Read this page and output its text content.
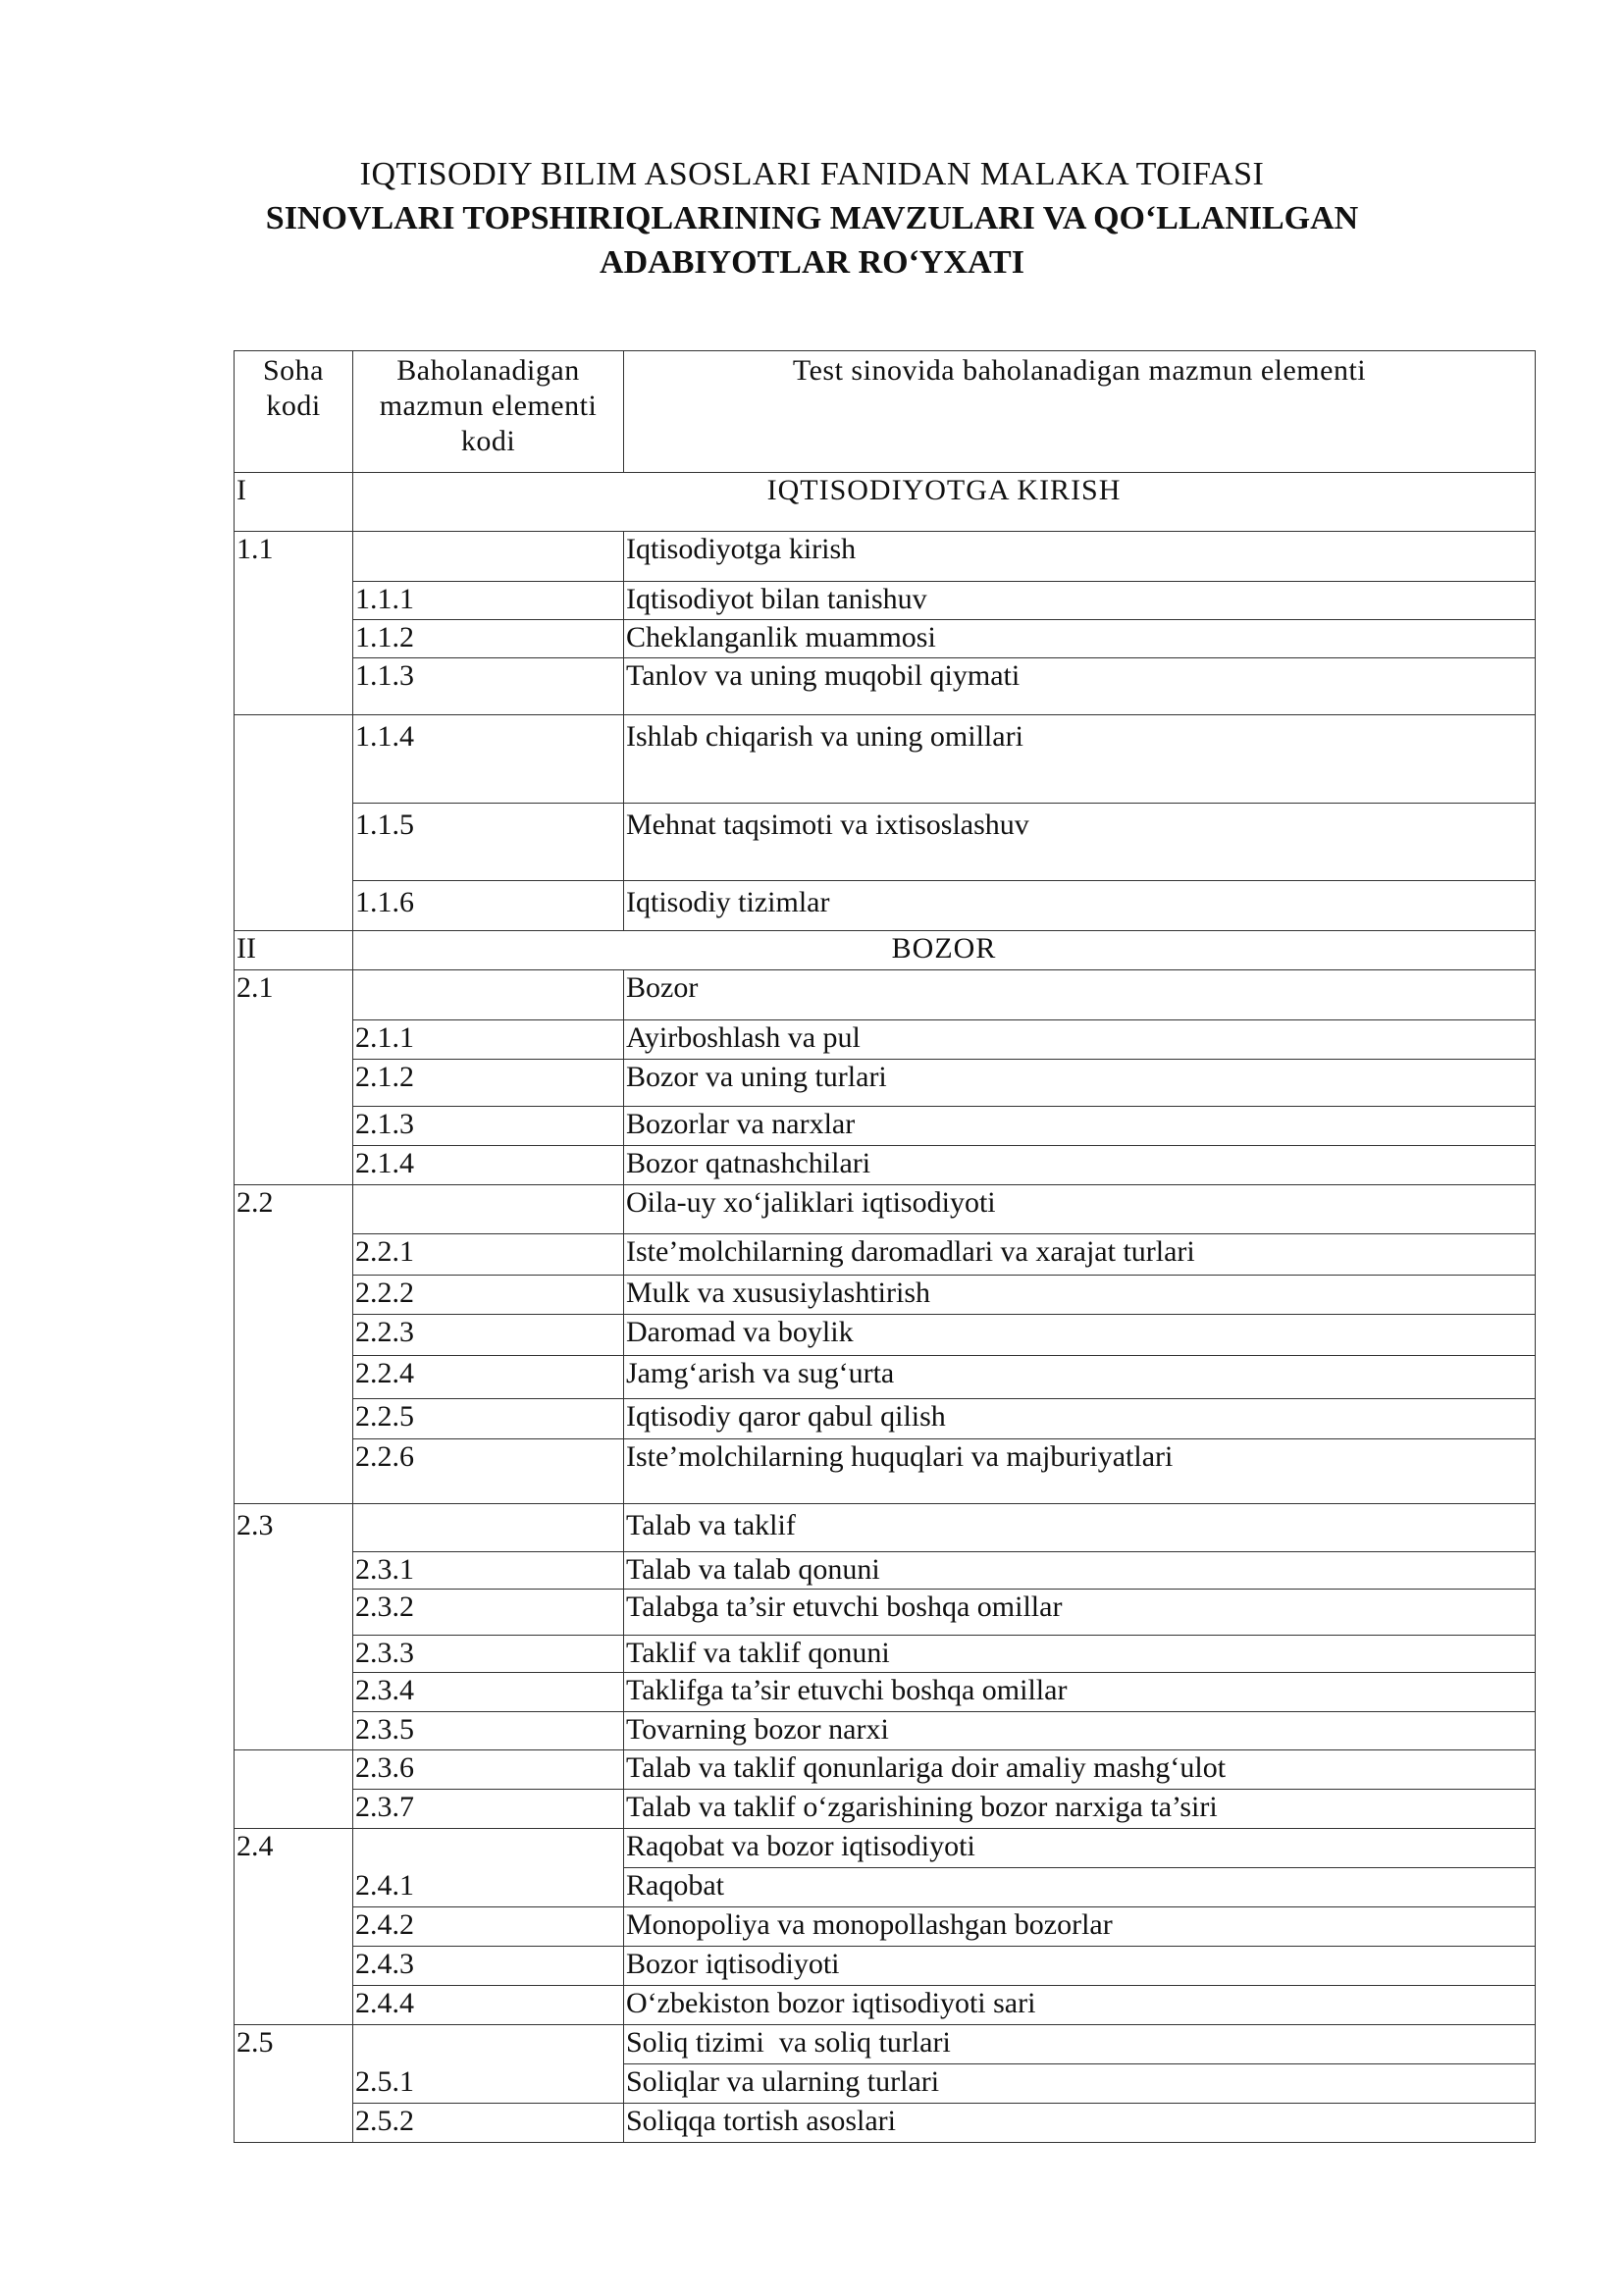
IQTISODIY BILIM ASOSLARI FANIDAN MALAKA TOIFASI
SINOVLARI TOPSHIRIQLARINING MAVZULARI VA QO‘LLANILGAN
ADABIYOTLAR RO‘YXATI
Soha kodi	Baholanadigan mazmun elementi kodi	Test sinovida baholanadigan mazmun elementi
I	IQTISODIYOTGA KIRISH	
1.1		Iqtisodiyotga kirish
	1.1.1	Iqtisodiyot bilan tanishuv
	1.1.2	Cheklanganlik muammosi
	1.1.3	Tanlov va uning muqobil qiymati
	1.1.4	Ishlab chiqarish va uning omillari
	1.1.5	Mehnat taqsimoti va ixtisoslashuv
	1.1.6	Iqtisodiy tizimlar
II	BOZOR	
2.1		Bozor
	2.1.1	Ayirboshlash va pul
	2.1.2	Bozor va uning turlari
	2.1.3	Bozorlar va narxlar
	2.1.4	Bozor qatnashchilari
2.2		Oila-uy xo‘jaliklari iqtisodiyoti
	2.2.1	Iste’molchilarning daromadlari va xarajat turlari
	2.2.2	Mulk va xususiylashtirish
	2.2.3	Daromad va boylik
	2.2.4	Jamg‘arish va sug‘urta
	2.2.5	Iqtisodiy qaror qabul qilish
	2.2.6	Iste’molchilarning huquqlari va majburiyatlari
2.3		Talab va taklif
	2.3.1	Talab va talab qonuni
	2.3.2	Talabga ta’sir etuvchi boshqa omillar
	2.3.3	Taklif va taklif qonuni
	2.3.4	Taklifga ta’sir etuvchi boshqa omillar
	2.3.5	Tovarning bozor narxi
	2.3.6	Talab va taklif qonunlariga doir amaliy mashg‘ulot
	2.3.7	Talab va taklif o‘zgarishining bozor narxiga ta’siri
2.4		Raqobat va bozor iqtisodiyoti
	2.4.1	Raqobat
	2.4.2	Monopoliya va monopollashgan bozorlar
	2.4.3	Bozor iqtisodiyoti
	2.4.4	O‘zbekiston bozor iqtisodiyoti sari
2.5		Soliq tizimi  va soliq turlari
	2.5.1	Soliqlar va ularning turlari
	2.5.2	Soliqqa tortish asoslari
